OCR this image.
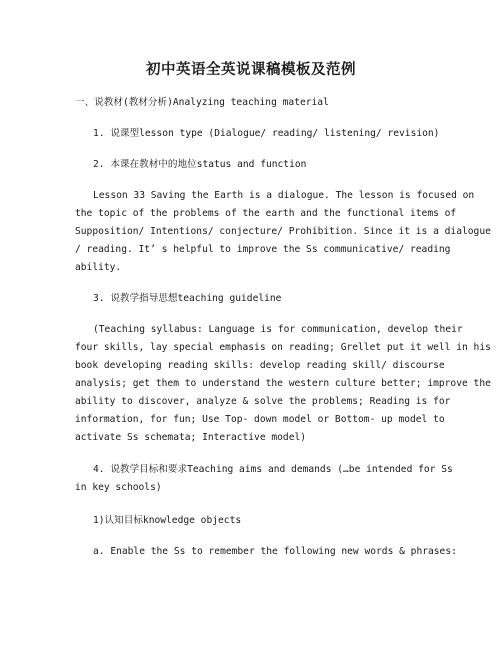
初中英语全英说课稿模板及范例

一、说教材(教材分析)Analyzing teaching material

1. 说课型lesson type (Dialogue/ reading/ listening/ revision)

2. 本课在教材中的地位status and function

Lesson 33 Saving the Earth is a dialogue. The lesson is focused on
the topic of the problems of the earth and the functional items of
Supposition/ Intentions/ conjecture/ Prohibition. Since it is a dialogue
/ reading. It’ s helpful to improve the Ss communicative/ reading
ability.

3. 说教学指导思想teaching guideline

(Teaching syllabus: Language is for communication, develop their
four skills, lay special emphasis on reading; Grellet put it well in his
book developing reading skills: develop reading skill/ discourse
analysis; get them to understand the western culture better; improve the
ability to discover, analyze & solve the problems; Reading is for
information, for fun; Use Top- down model or Bottom- up model to
activate Ss schemata; Interactive model)
4. 说教学目标和要求Teaching aims and demands (…be intended for Ss
in key schools)

1)认知目标knowledge objects

a. Enable the Ss to remember the following new words & phrases:
